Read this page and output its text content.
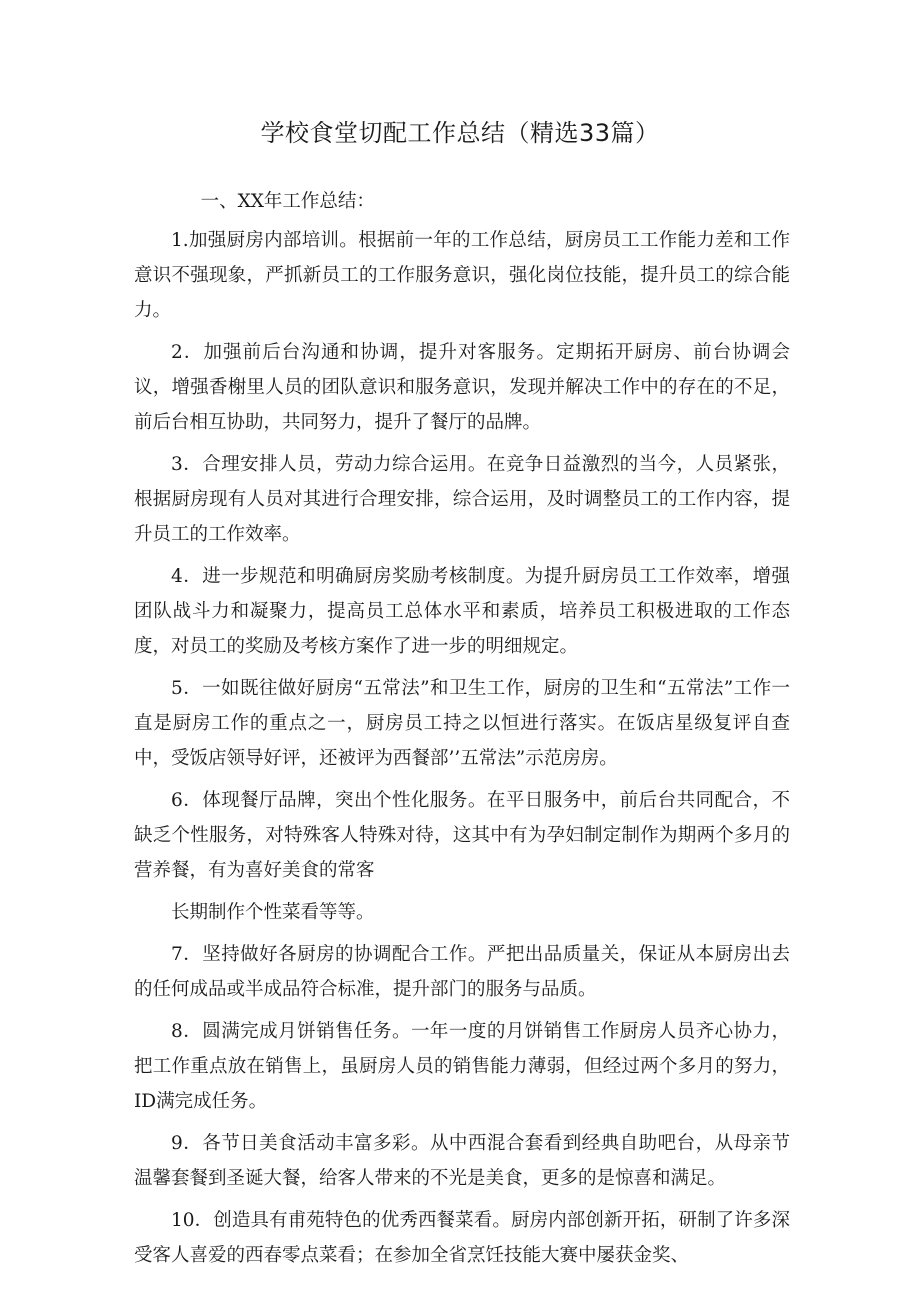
学校食堂切配工作总结（精选33篇）

一、XX年工作总结：

1.加强厨房内部培训。根据前一年的工作总结，厨房员工工作能力差和工作意识不强现象，严抓新员工的工作服务意识，强化岗位技能，提升员工的综合能力。

2．加强前后台沟通和协调，提升对客服务。定期拓开厨房、前台协调会议，增强香榭里人员的团队意识和服务意识，发现并解决工作中的存在的不足，前后台相互协助，共同努力，提升了餐厅的品牌。

3．合理安排人员，劳动力综合运用。在竞争日益激烈的当今，人员紧张，根据厨房现有人员对其进行合理安排，综合运用，及时调整员工的工作内容，提升员工的工作效率。

4．进一步规范和明确厨房奖励考核制度。为提升厨房员工工作效率，增强团队战斗力和凝聚力，提高员工总体水平和素质，培养员工积极进取的工作态度，对员工的奖励及考核方案作了进一步的明细规定。

5．一如既往做好厨房“五常法”和卫生工作，厨房的卫生和“五常法”工作一直是厨房工作的重点之一，厨房员工持之以恒进行落实。在饭店星级复评自查中，受饭店领导好评，还被评为西餐部’’五常法”示范房房。

6．体现餐厅品牌，突出个性化服务。在平日服务中，前后台共同配合，不缺乏个性服务，对特殊客人特殊对待，这其中有为孕妇制定制作为期两个多月的营养餐，有为喜好美食的常客

长期制作个性菜看等等。

7．坚持做好各厨房的协调配合工作。严把出品质量关，保证从本厨房出去的任何成品或半成品符合标准，提升部门的服务与品质。

8．圆满完成月饼销售任务。一年一度的月饼销售工作厨房人员齐心协力，把工作重点放在销售上，虽厨房人员的销售能力薄弱，但经过两个多月的努力，ID满完成任务。

9．各节日美食活动丰富多彩。从中西混合套看到经典自助吧台，从母亲节温馨套餐到圣诞大餐，给客人带来的不光是美食，更多的是惊喜和满足。

10．创造具有甫苑特色的优秀西餐菜看。厨房内部创新开拓，研制了许多深受客人喜爱的西春零点菜看；在参加全省烹饪技能大赛中屡获金奖、
